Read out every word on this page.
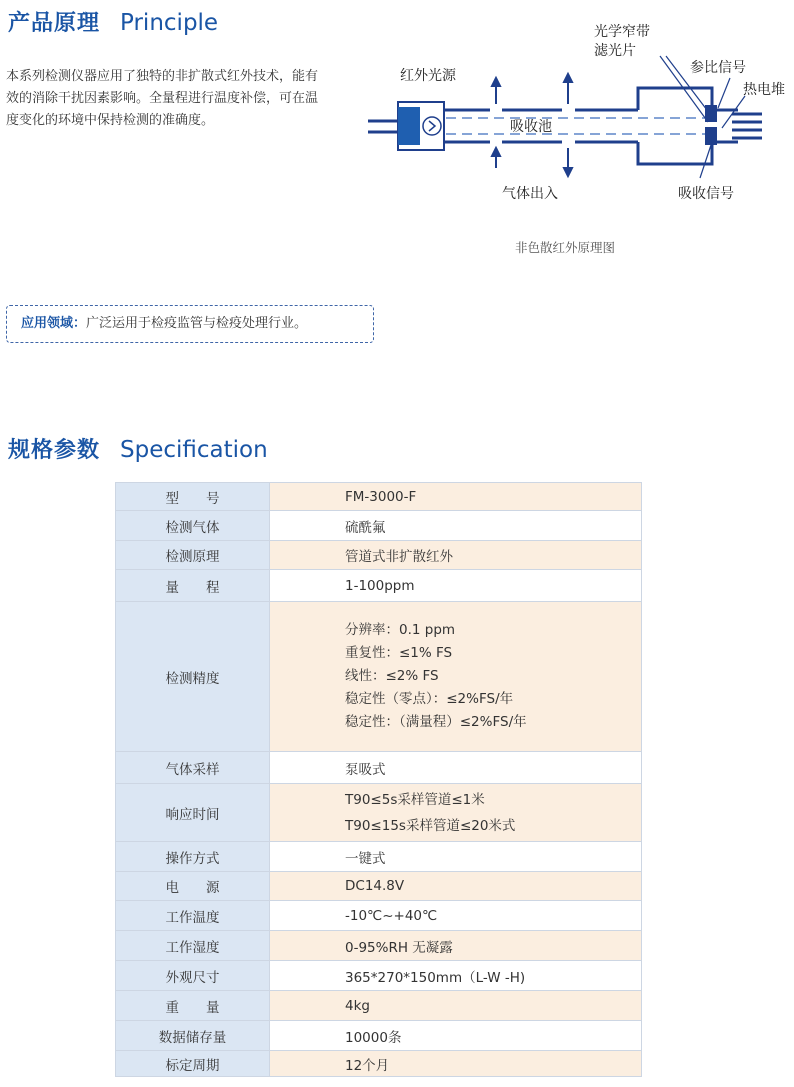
产品原理 Principle
本系列检测仪器应用了独特的非扩散式红外技术，能有效的消除干扰因素影响。全量程进行温度补偿，可在温度变化的环境中保持检测的准确度。
红外光源
吸收池
气体出入
光学窄带
滤光片
参比信号
热电堆
吸收信号
非色散红外原理图
应用领域：广泛运用于检疫监管与检疫处理行业。
规格参数 Specification
型　　号	FM-3000-F
检测气体	硫酰氟
检测原理	管道式非扩散红外
量　　程	1-100ppm
检测精度	分辨率：0.1 ppm
重复性：≤1% FS
线性：≤2% FS
稳定性（零点）：≤2%FS/年
稳定性：（满量程）≤2%FS/年

气体采样	泵吸式
响应时间	T90≤5s采样管道≤1米
T90≤15s采样管道≤20米式

操作方式	一键式
电　　源	DC14.8V
工作温度	-10℃~+40℃
工作湿度	0-95%RH 无凝露
外观尺寸	365*270*150mm（L-W -H)
重　　量	4kg
数据储存量	10000条
标定周期	12个月
